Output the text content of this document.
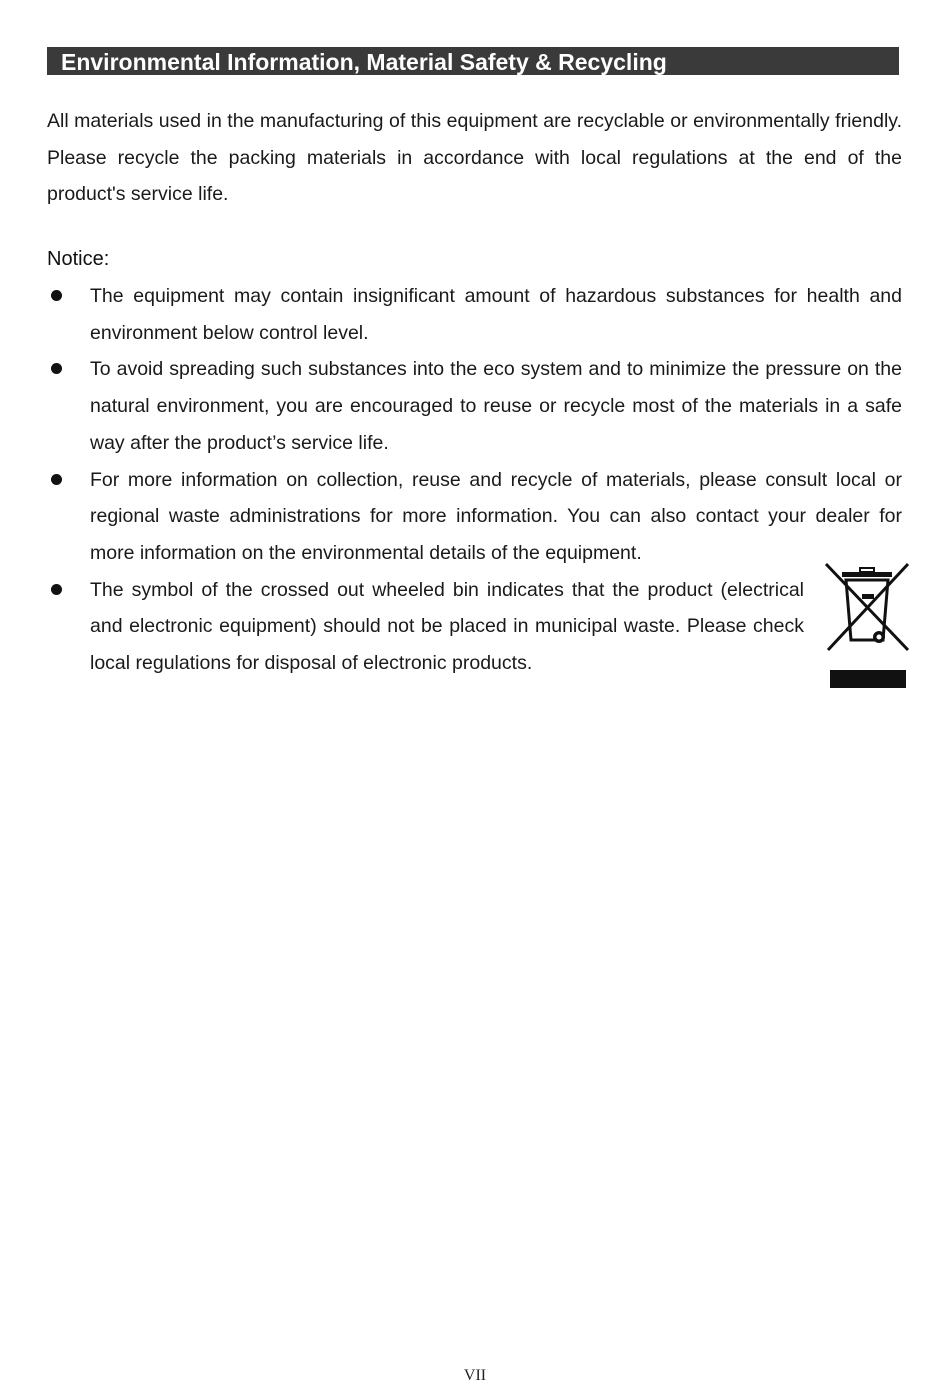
Environmental Information, Material Safety & Recycling

All materials used in the manufacturing of this equipment are recyclable or environmentally friendly. Please recycle the packing materials in accordance with local regulations at the end of the product's service life.

Notice:
The equipment may contain insignificant amount of hazardous substances for health and environment below control level.
To avoid spreading such substances into the eco system and to minimize the pressure on the natural environment, you are encouraged to reuse or recycle most of the materials in a safe way after the product’s service life.
For more information on collection, reuse and recycle of materials, please consult local or regional waste administrations for more information. You can also contact your dealer for more information on the environmental details of the equipment.
The symbol of the crossed out wheeled bin indicates that the product (electrical and electronic equipment) should not be placed in municipal waste. Please check local regulations for disposal of electronic products.
VII
